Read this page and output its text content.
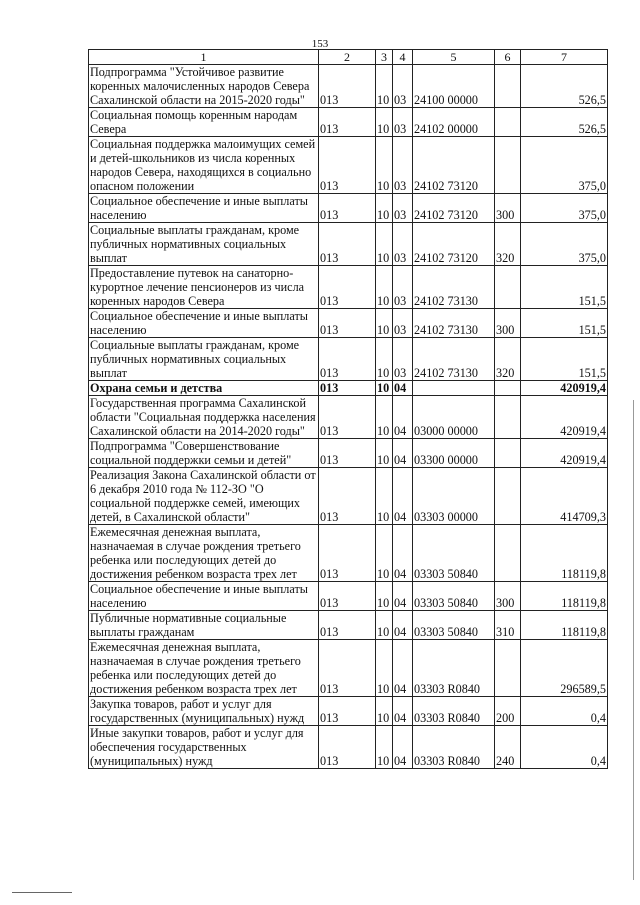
153
1	2	3	4	5	6	7
Подпрограмма "Устойчивое развитие коренных малочисленных народов Севера Сахалинской области на 2015-2020 годы"	013	10	03	24100 00000		526,5
Социальная помощь коренным народам Севера	013	10	03	24102 00000		526,5
Социальная поддержка малоимущих семей и детей-школьников из числа коренных народов Севера, находящихся в социально опасном положении	013	10	03	24102 73120		375,0
Социальное обеспечение и иные выплаты населению	013	10	03	24102 73120	300	375,0
Социальные выплаты гражданам, кроме публичных нормативных социальных выплат	013	10	03	24102 73120	320	375,0
Предоставление путевок на санаторно-курортное лечение пенсионеров из числа коренных народов Севера	013	10	03	24102 73130		151,5
Социальное обеспечение и иные выплаты населению	013	10	03	24102 73130	300	151,5
Социальные выплаты гражданам, кроме публичных нормативных социальных выплат	013	10	03	24102 73130	320	151,5
Охрана семьи и детства	013	10	04			420919,4
Государственная программа Сахалинской области "Социальная поддержка населения Сахалинской области на 2014-2020 годы"	013	10	04	03000 00000		420919,4
Подпрограмма "Совершенствование социальной поддержки семьи и детей"	013	10	04	03300 00000		420919,4
Реализация Закона Сахалинской области от 6 декабря 2010 года № 112-ЗО "О социальной поддержке семей, имеющих детей, в Сахалинской области"	013	10	04	03303 00000		414709,3
Ежемесячная денежная выплата, назначаемая в случае рождения третьего ребенка или последующих детей до достижения ребенком возраста трех лет	013	10	04	03303 50840		118119,8
Социальное обеспечение и иные выплаты населению	013	10	04	03303 50840	300	118119,8
Публичные нормативные социальные выплаты гражданам	013	10	04	03303 50840	310	118119,8
Ежемесячная денежная выплата, назначаемая в случае рождения третьего ребенка или последующих детей до достижения ребенком возраста трех лет	013	10	04	03303 R0840		296589,5
Закупка товаров, работ и услуг для государственных (муниципальных) нужд	013	10	04	03303 R0840	200	0,4
Иные закупки товаров, работ и услуг для обеспечения государственных (муниципальных) нужд	013	10	04	03303 R0840	240	0,4
